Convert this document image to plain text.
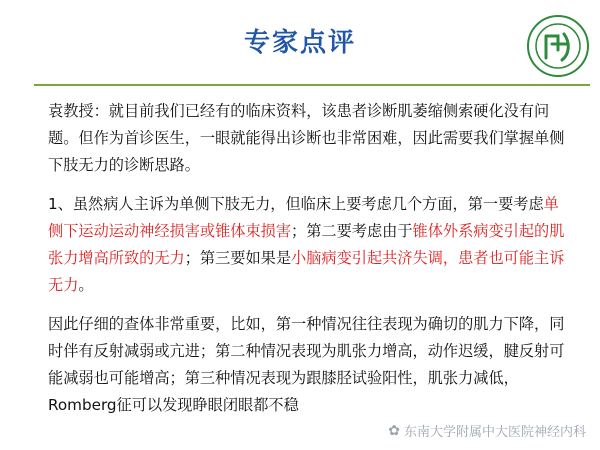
专家点评

袁教授：就目前我们已经有的临床资料，该患者诊断肌萎缩侧索硬化没有问题。但作为首诊医生，一眼就能得出诊断也非常困难，因此需要我们掌握单侧下肢无力的诊断思路。

1、虽然病人主诉为单侧下肢无力，但临床上要考虑几个方面，第一要考虑单侧下运动运动神经损害或锥体束损害；第二要考虑由于锥体外系病变引起的肌张力增高所致的无力；第三要如果是小脑病变引起共济失调，患者也可能主诉无力。

因此仔细的查体非常重要，比如，第一种情况往往表现为确切的肌力下降，同时伴有反射减弱或亢进；第二种情况表现为肌张力增高，动作迟缓，腱反射可能减弱也可能增高；第三种情况表现为跟膝胫试验阳性，肌张力减低，Romberg征可以发现睁眼闭眼都不稳

✿ 东南大学附属中大医院神经内科
